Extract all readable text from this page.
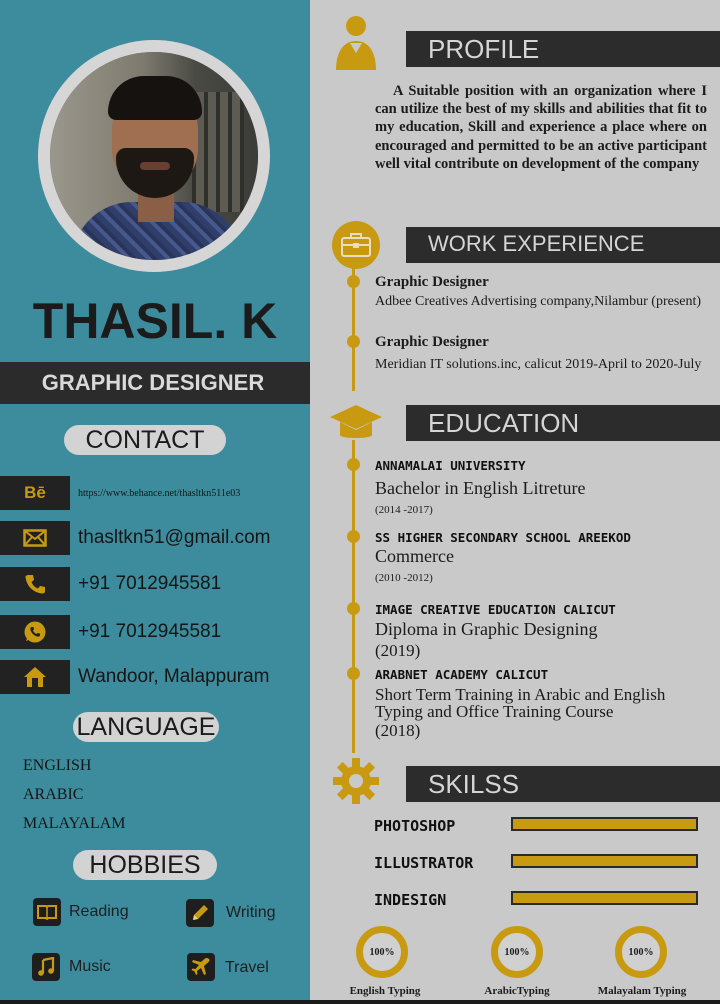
THASIL. K
GRAPHIC DESIGNER
CONTACT
Bē	https://www.behance.net/thasltkn511e03
thasltkn51@gmail.com
+91 7012945581
+91 7012945581
Wandoor, Malappuram
LANGUAGE
ENGLISH
ARABIC
MALAYALAM
HOBBIES
Reading	Writing
Music	Travel
PROFILE
A Suitable position with an organization where I can utilize the best of my skills and abilities that fit to my education, Skill and experience a place where on encouraged and permitted to be an active participant well vital contribute on development of the company
WORK EXPERIENCE
Graphic Designer
Adbee Creatives Advertising company,Nilambur (present)
Graphic Designer
Meridian IT solutions.inc, calicut 2019-April to 2020-July
EDUCATION
ANNAMALAI UNIVERSITY
Bachelor in English Litreture
(2014 -2017)
SS HIGHER SECONDARY SCHOOL AREEKOD
Commerce
(2010 -2012)
IMAGE CREATIVE EDUCATION CALICUT
Diploma in Graphic Designing
(2019)
ARABNET ACADEMY CALICUT
Short Term Training in Arabic and English Typing and Office Training Course
(2018)
SKILSS
PHOTOSHOP
ILLUSTRATOR
INDESIGN
100%
English Typing
100%
ArabicTyping
100%
Malayalam Typing
